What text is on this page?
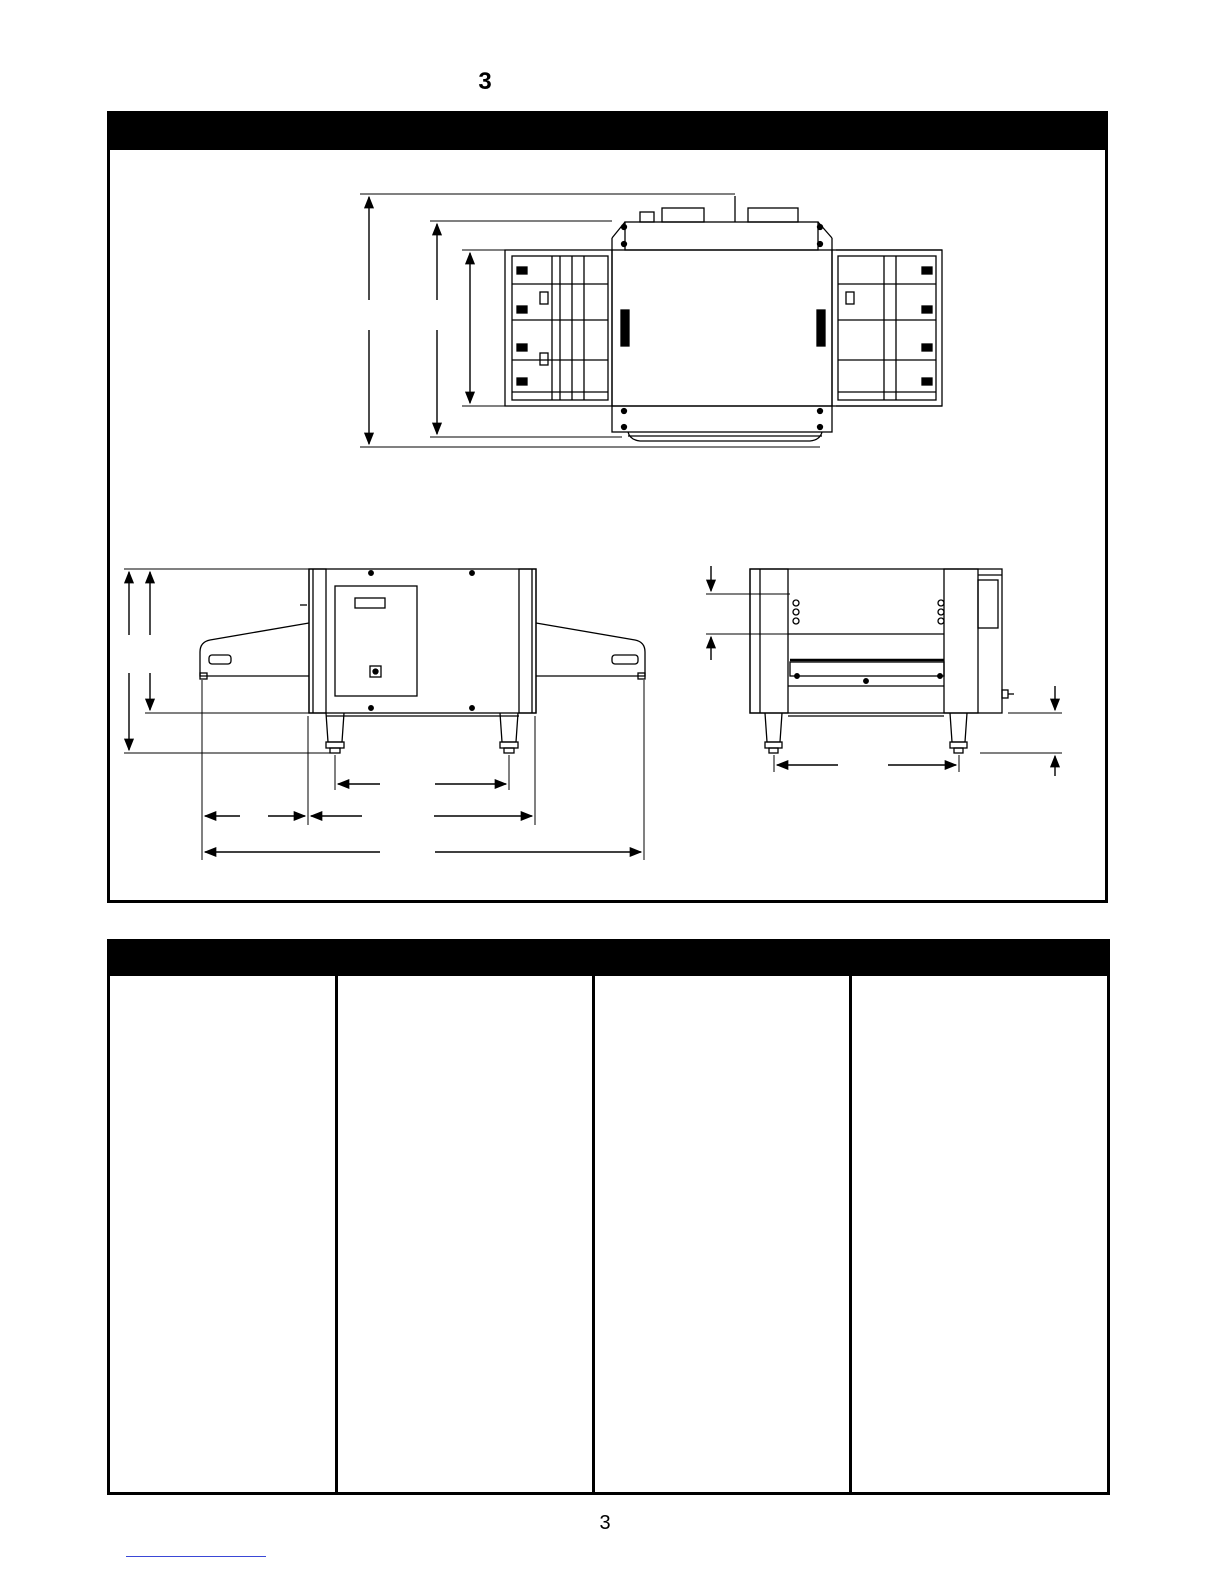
3
3
